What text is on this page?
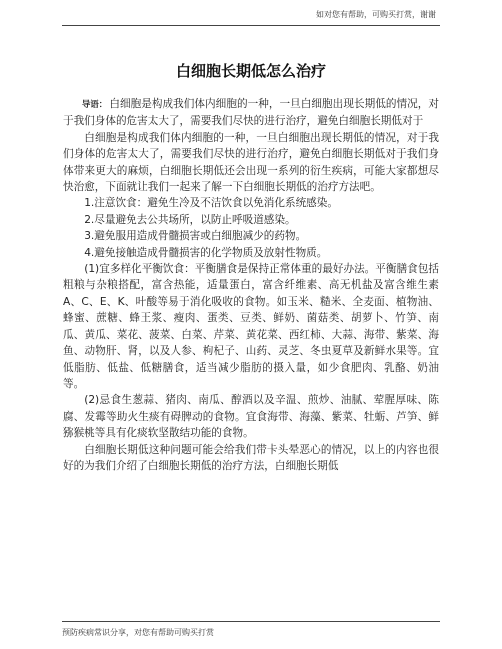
如对您有帮助，可购买打赏，谢谢
白细胞长期低怎么治疗

导语： 白细胞是构成我们体内细胞的一种，一旦白细胞出现长期低的情况，对于我们身体的危害太大了，需要我们尽快的进行治疗，避免白细胞长期低对于

白细胞是构成我们体内细胞的一种，一旦白细胞出现长期低的情况，对于我们身体的危害太大了，需要我们尽快的进行治疗，避免白细胞长期低对于我们身体带来更大的麻烦，白细胞长期低还会出现一系列的衍生疾病，可能大家都想尽快治愈，下面就让我们一起来了解一下白细胞长期低的治疗方法吧。

1.注意饮食：避免生冷及不洁饮食以免消化系统感染。

2.尽量避免去公共场所，以防止呼吸道感染。

3.避免服用造成骨髓损害或白细胞减少的药物。

4.避免接触造成骨髓损害的化学物质及放射性物质。

(1)宜多样化平衡饮食：平衡膳食是保持正常体重的最好办法。平衡膳食包括粗粮与杂粮搭配，富含热能，适量蛋白，富含纤维素、高无机盐及富含维生素 A、C、E、K、叶酸等易于消化吸收的食物。如玉米、糙米、全麦面、植物油、蜂蜜、蔗糖、蜂王浆、瘦肉、蛋类、豆类、鲜奶、菌菇类、胡萝卜、竹笋、南瓜、黄瓜、菜花、菠菜、白菜、芹菜、黄花菜、西红柿、大蒜、海带、紫菜、海鱼、动物肝、肾，以及人参、枸杞子、山药、灵芝、冬虫夏草及新鲜水果等。宜低脂肪、低盐、低糖膳食，适当减少脂肪的摄入量，如少食肥肉、乳酪、奶油等。

(2)忌食生葱蒜、猪肉、南瓜、醇酒以及辛温、煎炒、油腻、荤腥厚味、陈腐、发霉等助火生痰有碍脾动的食物。宜食海带、海藻、紫菜、牡蛎、芦笋、鲜猕猴桃等具有化痰软坚散结功能的食物。

白细胞长期低这种问题可能会给我们带卡头晕恶心的情况，以上的内容也很好的为我们介绍了白细胞长期低的治疗方法，白细胞长期低

预防疾病常识分享，对您有帮助可购买打赏
